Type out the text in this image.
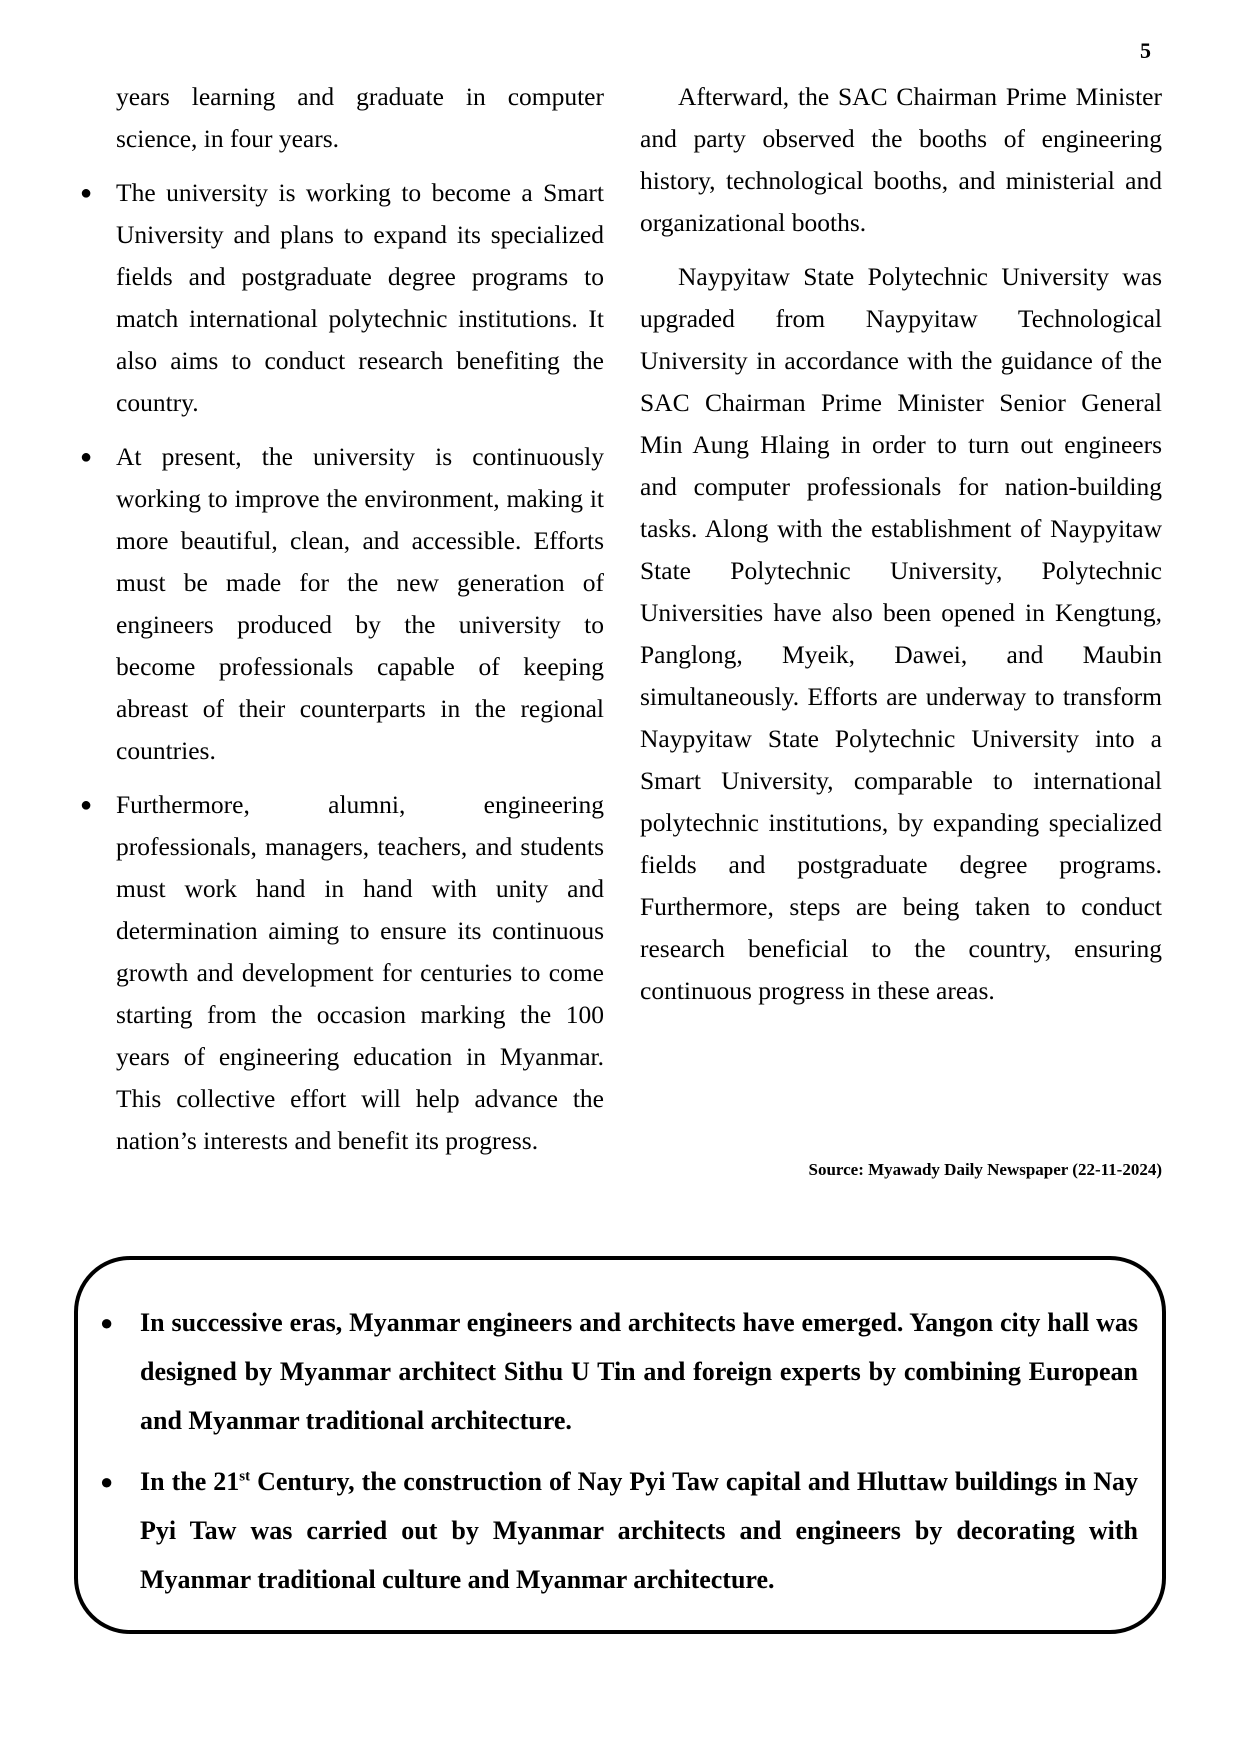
5

years learning and graduate in computer science, in four years.

● The university is working to become a Smart University and plans to expand its specialized fields and postgraduate degree programs to match international polytechnic institutions. It also aims to conduct research benefiting the country.
● At present, the university is continuously working to improve the environment, making it more beautiful, clean, and accessible. Efforts must be made for the new generation of engineers produced by the university to become professionals capable of keeping abreast of their counterparts in the regional countries.
● Furthermore, alumni, engineering professionals, managers, teachers, and students must work hand in hand with unity and determination aiming to ensure its continuous growth and development for centuries to come starting from the occasion marking the 100 years of engineering education in Myanmar. This collective effort will help advance the nation’s interests and benefit its progress.

Afterward, the SAC Chairman Prime Minister and party observed the booths of engineering history, technological booths, and ministerial and organizational booths.

Naypyitaw State Polytechnic University was upgraded from Naypyitaw Technological University in accordance with the guidance of the SAC Chairman Prime Minister Senior General Min Aung Hlaing in order to turn out engineers and computer professionals for nation-building tasks. Along with the establishment of Naypyitaw State Polytechnic University, Polytechnic Universities have also been opened in Kengtung, Panglong, Myeik, Dawei, and Maubin simultaneously. Efforts are underway to transform Naypyitaw State Polytechnic University into a Smart University, comparable to international polytechnic institutions, by expanding specialized fields and postgraduate degree programs. Furthermore, steps are being taken to conduct research beneficial to the country, ensuring continuous progress in these areas.

Source: Myawady Daily Newspaper (22-11-2024)
● In successive eras, Myanmar engineers and architects have emerged. Yangon city hall was designed by Myanmar architect Sithu U Tin and foreign experts by combining European and Myanmar traditional architecture.
● In the 21st Century, the construction of Nay Pyi Taw capital and Hluttaw buildings in Nay Pyi Taw was carried out by Myanmar architects and engineers by decorating with Myanmar traditional culture and Myanmar architecture.
